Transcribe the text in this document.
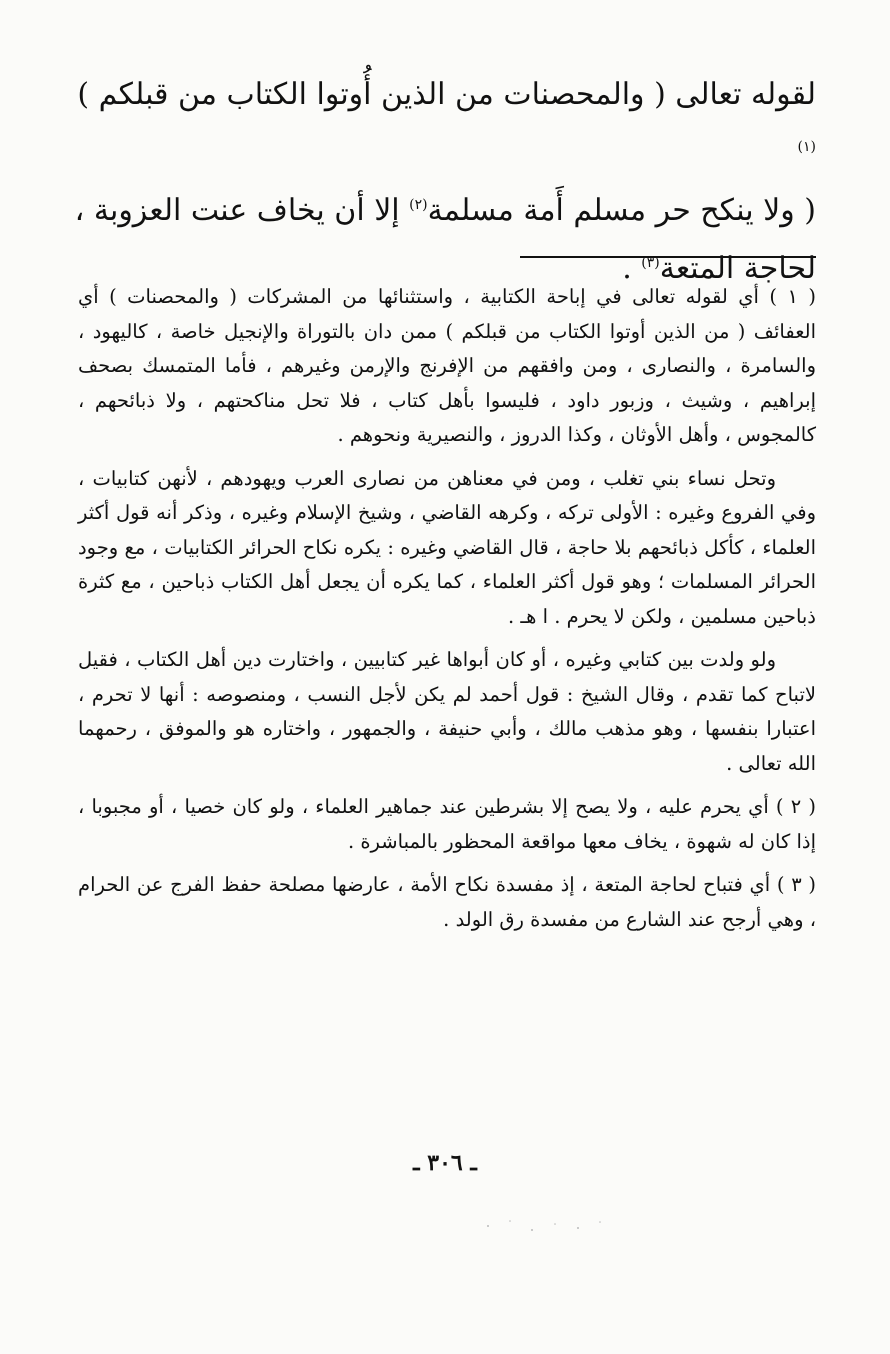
لقوله تعالى ( والمحصنات من الذين أُوتوا الكتاب من قبلكم )$^{(١)}$

( ولا ينكح حر مسلم أَمة مسلمة$^{(٢)}$ إلا أن يخاف عنت العزوبة ،

لحاجة المتعة$^{(٣)}$ .

( ١ ) أي لقوله تعالى في إباحة الكتابية ، واستثنائها من المشركات ( والمحصنات ) أي العفائف ( من الذين أوتوا الكتاب من قبلكم ) ممن دان بالتوراة والإنجيل خاصة ، كاليهود ، والسامرة ، والنصارى ، ومن وافقهم من الإفرنج والإرمن وغيرهم ، فأما المتمسك بصحف إبراهيم ، وشيث ، وزبور داود ، فليسوا بأهل كتاب ، فلا تحل مناكحتهم ، ولا ذبائحهم ، كالمجوس ، وأهل الأوثان ، وكذا الدروز ، والنصيرية ونحوهم .

وتحل نساء بني تغلب ، ومن في معناهن من نصارى العرب ويهودهم ، لأنهن كتابيات ، وفي الفروع وغيره : الأولى تركه ، وكرهه القاضي ، وشيخ الإسلام وغيره ، وذكر أنه قول أكثر العلماء ، كأكل ذبائحهم بلا حاجة ، قال القاضي وغيره : يكره نكاح الحرائر الكتابيات ، مع وجود الحرائر المسلمات ؛ وهو قول أكثر العلماء ، كما يكره أن يجعل أهل الكتاب ذباحين ، مع كثرة ذباحين مسلمين ، ولكن لا يحرم . ا هـ .

ولو ولدت بين كتابي وغيره ، أو كان أبواها غير كتابيين ، واختارت دين أهل الكتاب ، فقيل لاتباح كما تقدم ، وقال الشيخ : قول أحمد لم يكن لأجل النسب ، ومنصوصه : أنها لا تحرم ، اعتبارا بنفسها ، وهو مذهب مالك ، وأبي حنيفة ، والجمهور ، واختاره هو والموفق ، رحمهما الله تعالى .

( ٢ ) أي يحرم عليه ، ولا يصح إلا بشرطين عند جماهير العلماء ، ولو كان خصيا ، أو مجبوبا ، إذا كان له شهوة ، يخاف معها مواقعة المحظور بالمباشرة .

( ٣ ) أي فتباح لحاجة المتعة ، إذ مفسدة نكاح الأمة ، عارضها مصلحة حفظ الفرج عن الحرام ، وهي أرجح عند الشارع من مفسدة رق الولد .

ـ ٣٠٦ ـ
